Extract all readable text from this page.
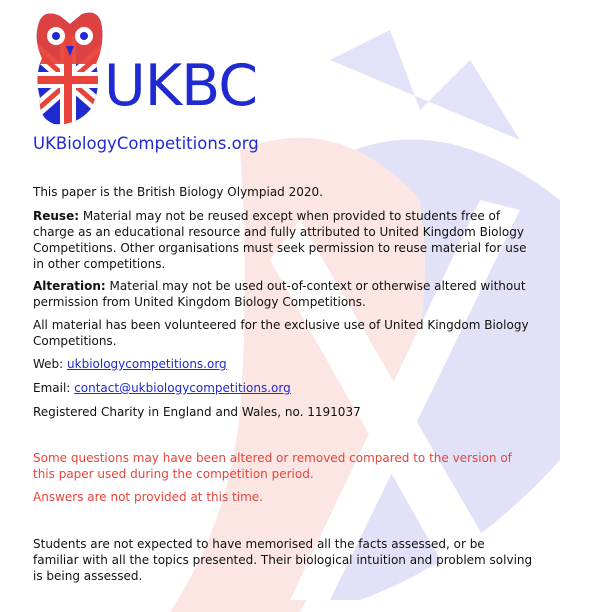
UKBC
UKBiologyCompetitions.org

This paper is the British Biology Olympiad 2020.

Reuse: Material may not be reused except when provided to students free of charge as an educational resource and fully attributed to United Kingdom Biology Competitions. Other organisations must seek permission to reuse material for use in other competitions.

Alteration: Material may not be used out-of-context or otherwise altered without permission from United Kingdom Biology Competitions.

All material has been volunteered for the exclusive use of United Kingdom Biology Competitions.

Web: ukbiologycompetitions.org

Email: contact@ukbiologycompetitions.org

Registered Charity in England and Wales, no. 1191037

Some questions may have been altered or removed compared to the version of this paper used during the competition period.

Answers are not provided at this time.

Students are not expected to have memorised all the facts assessed, or be familiar with all the topics presented. Their biological intuition and problem solving is being assessed.
